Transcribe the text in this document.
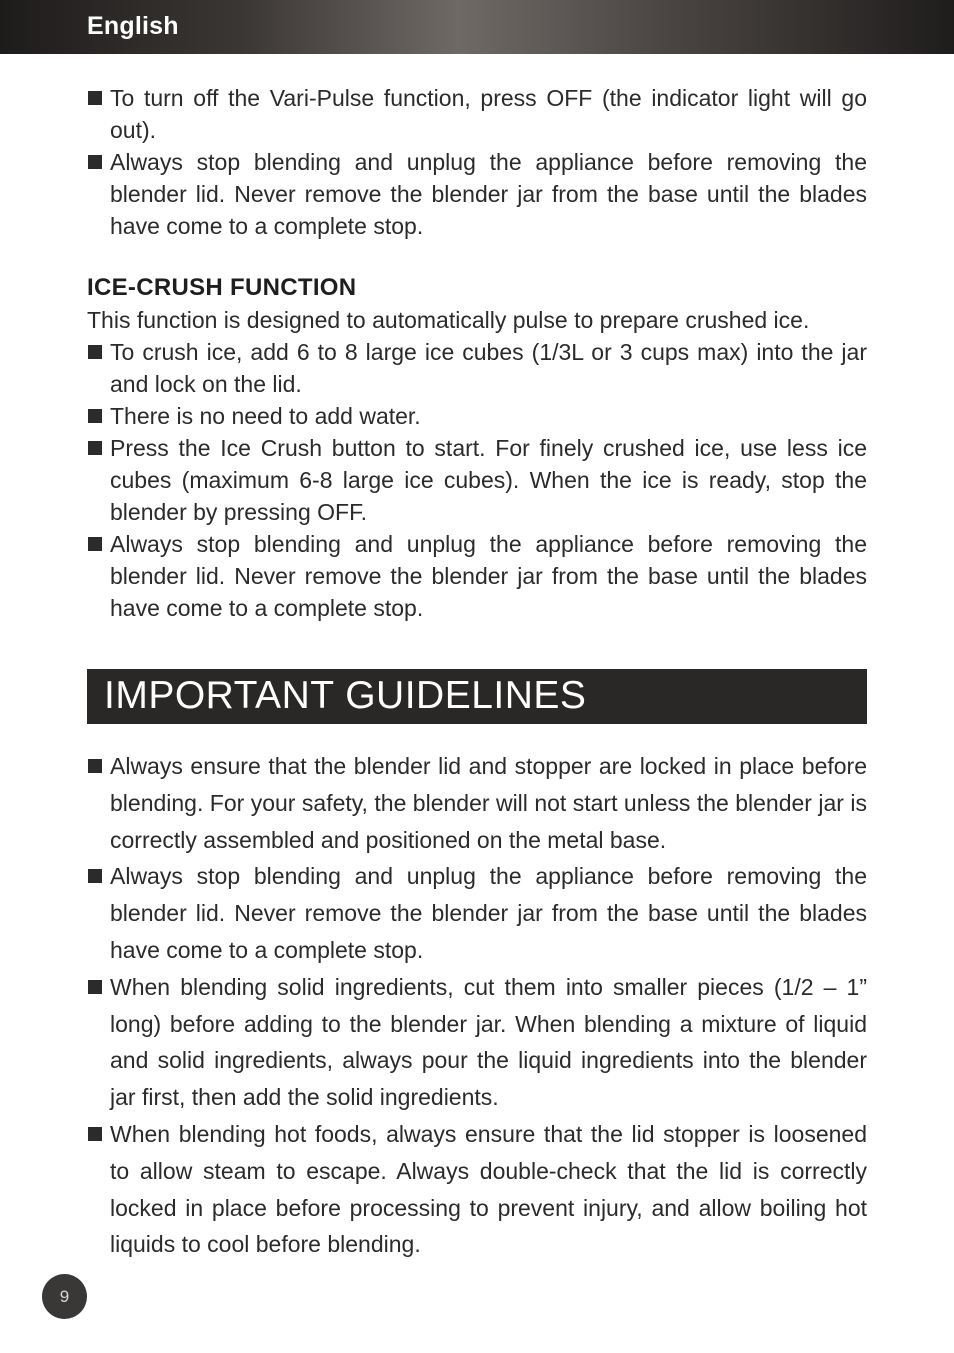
English
To turn off the Vari-Pulse function, press OFF (the indicator light will go out).
Always stop blending and unplug the appliance before removing the blender lid. Never remove the blender jar from the base until the blades have come to a complete stop.
ICE-CRUSH FUNCTION
This function is designed to automatically pulse to prepare crushed ice.
To crush ice, add 6 to 8 large ice cubes (1/3L or 3 cups max) into the jar and lock on the lid.
There is no need to add water.
Press the Ice Crush button to start. For finely crushed ice, use less ice cubes (maximum 6-8 large ice cubes). When the ice is ready, stop the blender by pressing OFF.
Always stop blending and unplug the appliance before removing the blender lid. Never remove the blender jar from the base until the blades have come to a complete stop.
IMPORTANT GUIDELINES
Always ensure that the blender lid and stopper are locked in place before blending. For your safety, the blender will not start unless the blender jar is correctly assembled and positioned on the metal base.
Always stop blending and unplug the appliance before removing the blender lid. Never remove the blender jar from the base until the blades have come to a complete stop.
When blending solid ingredients, cut them into smaller pieces (1/2 – 1” long) before adding to the blender jar. When blending a mixture of liquid and solid ingredients, always pour the liquid ingredients into the blender jar first, then add the solid ingredients.
When blending hot foods, always ensure that the lid stopper is loosened to allow steam to escape. Always double-check that the lid is correctly locked in place before processing to prevent injury, and allow boiling hot liquids to cool before blending.
9
